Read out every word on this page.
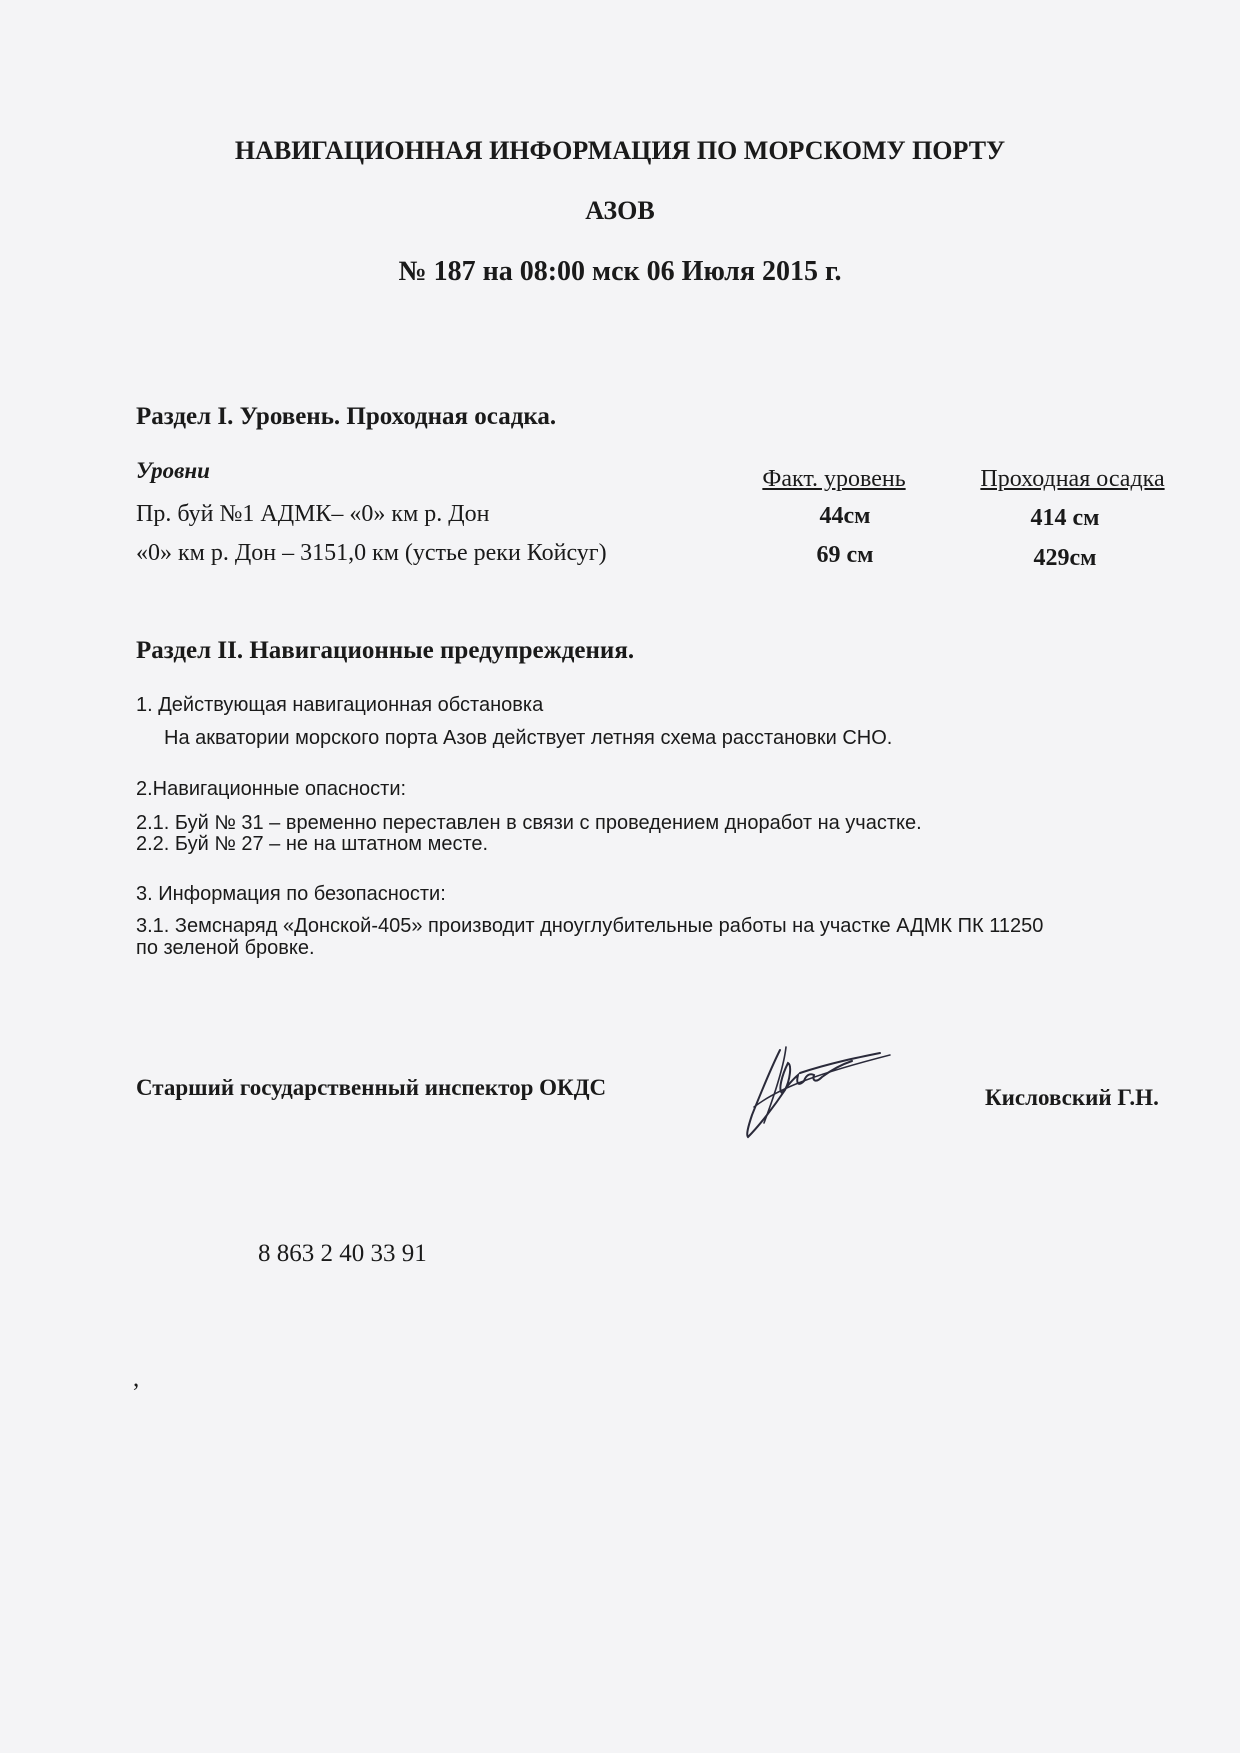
НАВИГАЦИОННАЯ ИНФОРМАЦИЯ ПО МОРСКОМУ ПОРТУ
АЗОВ
№ 187 на 08:00 мск 06 Июля 2015 г.
Раздел I. Уровень. Проходная осадка.
Уровни	Факт. уровень	Проходная осадка
Пр. буй №1 АДМК– «0» км р. Дон	44см	414 см
«0» км р. Дон – 3151,0 км (устье реки Койсуг)	69 см	429см
Раздел II. Навигационные предупреждения.
1. Действующая навигационная обстановка
На акватории морского порта Азов действует летняя схема расстановки СНО.
2.Навигационные опасности:
2.1. Буй № 31 – временно переставлен в связи с проведением днoработ на участке.
2.2. Буй № 27 – не на штатном месте.
3. Информация по безопасности:
3.1. Земснаряд «Донской-405» производит дноуглубительные работы на участке АДМК ПК 11250
по зеленой бровке.
Старший государственный инспектор ОКДС	Кисловский Г.Н.
8 863 2 40 33 91
,
